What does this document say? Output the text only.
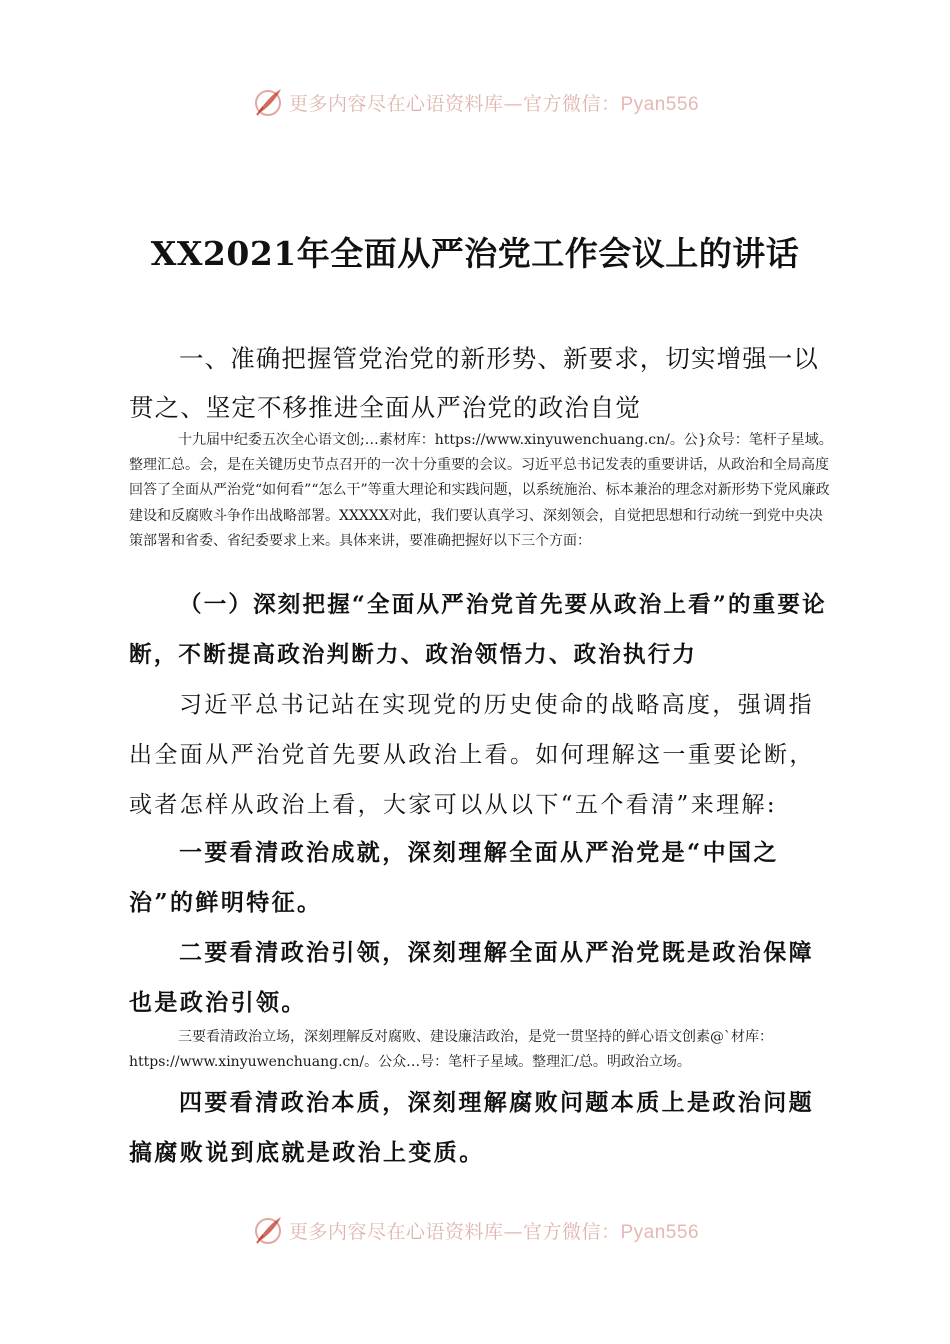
更多内容尽在心语资料库—官方微信：Pyan556
XX2021年全面从严治党工作会议上的讲话

一、准确把握管党治党的新形势、新要求，切实增强一以贯之、坚定不移推进全面从严治党的政治自觉

十九届中纪委五次全心语文创;…素材库：https://www.xinyuwenchuang.cn/。公}众号：笔杆子星域。整理汇总。会，是在关键历史节点召开的一次十分重要的会议。习近平总书记发表的重要讲话，从政治和全局高度回答了全面从严治党“如何看”“怎么干”等重大理论和实践问题，以系统施治、标本兼治的理念对新形势下党风廉政建设和反腐败斗争作出战略部署。XXXXX对此，我们要认真学习、深刻领会，自觉把思想和行动统一到党中央决策部署和省委、省纪委要求上来。具体来讲，要准确把握好以下三个方面：

（一）深刻把握“全面从严治党首先要从政治上看”的重要论断，不断提高政治判断力、政治领悟力、政治执行力

习近平总书记站在实现党的历史使命的战略高度，强调指出全面从严治党首先要从政治上看。如何理解这一重要论断，或者怎样从政治上看，大家可以从以下“五个看清”来理解:

一要看清政治成就，深刻理解全面从严治党是“中国之治”的鲜明特征。

二要看清政治引领，深刻理解全面从严治党既是政治保障也是政治引领。

三要看清政治立场，深刻理解反对腐败、建设廉洁政治，是党一贯坚持的鲜心语文创素@`材库：https://www.xinyuwenchuang.cn/。公众…号：笔杆子星域。整理汇/总。明政治立场。

四要看清政治本质，深刻理解腐败问题本质上是政治问题搞腐败说到底就是政治上变质。

更多内容尽在心语资料库—官方微信：Pyan556
